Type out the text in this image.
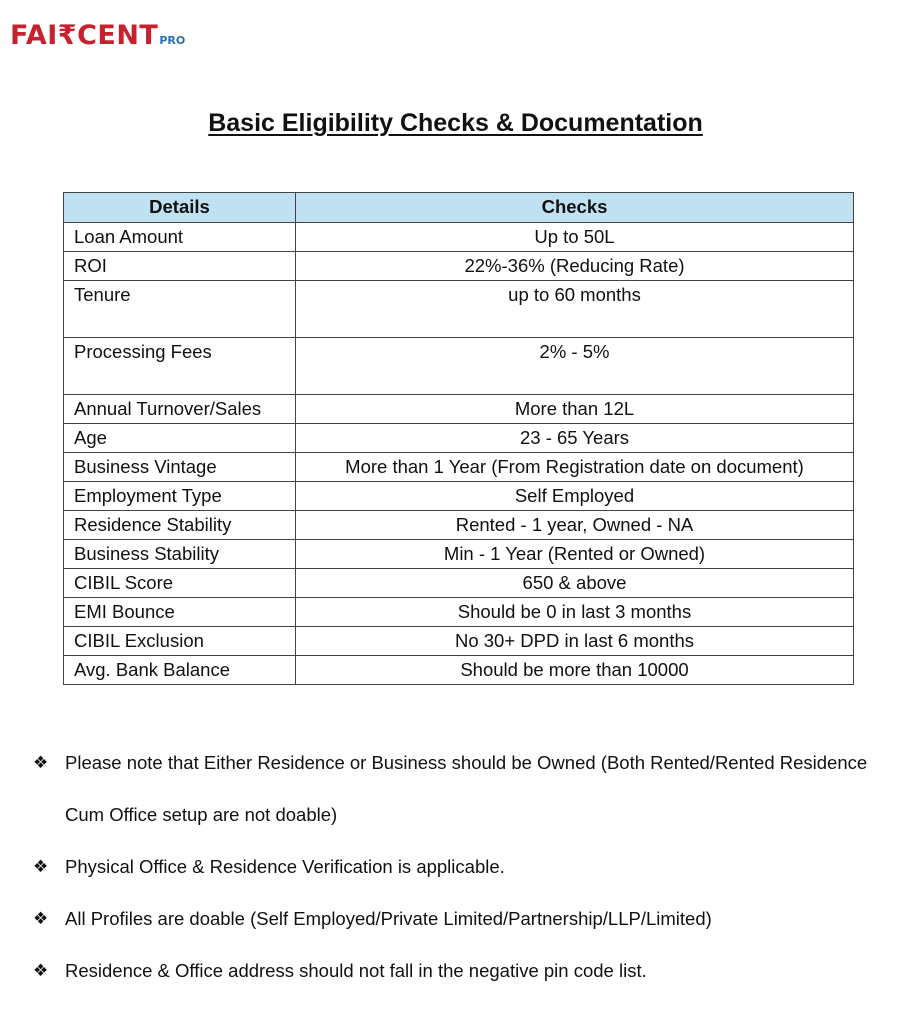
FAI₹CENTPRO
Basic Eligibility Checks & Documentation
Details	Checks
Loan Amount	Up to 50L
ROI	22%-36% (Reducing Rate)
Tenure	up to 60 months
Processing Fees	2% - 5%
Annual Turnover/Sales	More than 12L
Age	23 - 65 Years
Business Vintage	More than 1 Year (From Registration date on document)
Employment Type	Self Employed
Residence Stability	Rented - 1 year, Owned - NA
Business Stability	Min - 1 Year (Rented or Owned)
CIBIL Score	650 & above
EMI Bounce	Should be 0 in last 3 months
CIBIL Exclusion	No 30+ DPD in last 6 months
Avg. Bank Balance	Should be more than 10000
❖ Please note that Either Residence or Business should be Owned (Both Rented/Rented Residence Cum Office setup are not doable)
❖ Physical Office & Residence Verification is applicable.
❖ All Profiles are doable (Self Employed/Private Limited/Partnership/LLP/Limited)
❖ Residence & Office address should not fall in the negative pin code list.
